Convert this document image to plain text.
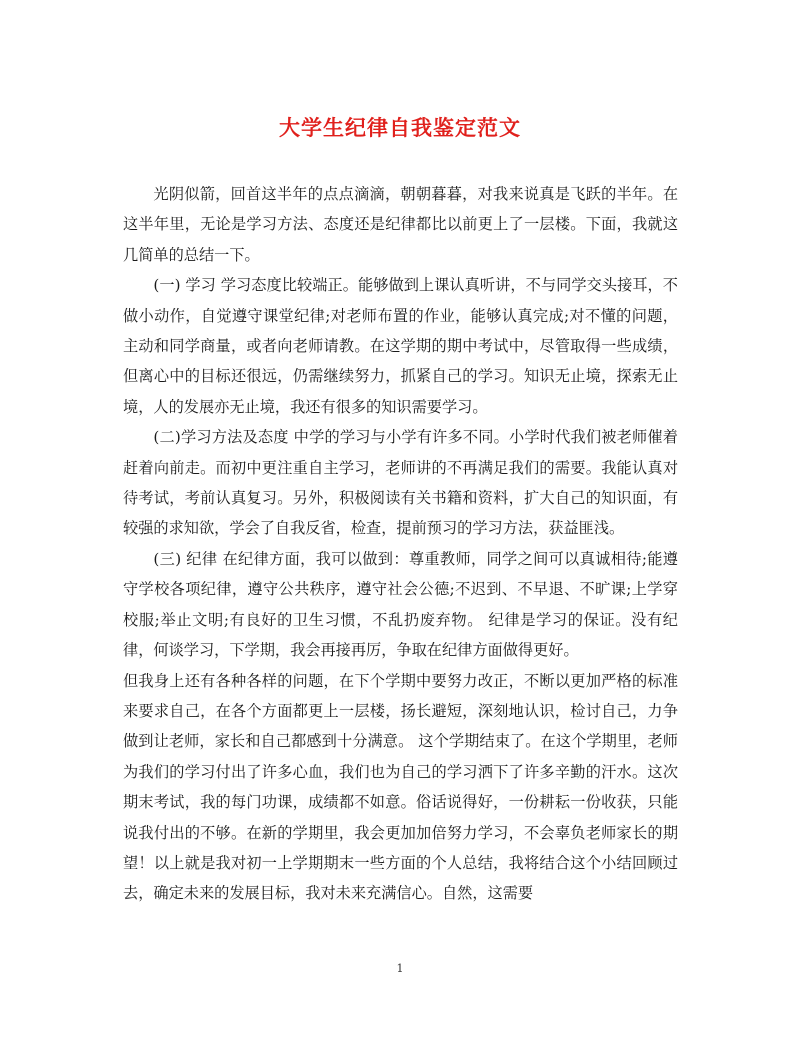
大学生纪律自我鉴定范文

光阴似箭，回首这半年的点点滴滴，朝朝暮暮，对我来说真是飞跃的半年。在这半年里，无论是学习方法、态度还是纪律都比以前更上了一层楼。下面，我就这几简单的总结一下。

(一) 学习 学习态度比较端正。能够做到上课认真听讲，不与同学交头接耳，不做小动作，自觉遵守课堂纪律;对老师布置的作业，能够认真完成;对不懂的问题，主动和同学商量，或者向老师请教。在这学期的期中考试中，尽管取得一些成绩，但离心中的目标还很远，仍需继续努力，抓紧自己的学习。知识无止境，探索无止境，人的发展亦无止境，我还有很多的知识需要学习。

(二)学习方法及态度 中学的学习与小学有许多不同。小学时代我们被老师催着赶着向前走。而初中更注重自主学习，老师讲的不再满足我们的需要。我能认真对待考试，考前认真复习。另外，积极阅读有关书籍和资料，扩大自己的知识面，有较强的求知欲，学会了自我反省，检查，提前预习的学习方法，获益匪浅。

(三) 纪律 在纪律方面，我可以做到：尊重教师，同学之间可以真诚相待;能遵守学校各项纪律，遵守公共秩序，遵守社会公德;不迟到、不早退、不旷课;上学穿校服;举止文明;有良好的卫生习惯，不乱扔废弃物。 纪律是学习的保证。没有纪律，何谈学习，下学期，我会再接再厉，争取在纪律方面做得更好。

但我身上还有各种各样的问题，在下个学期中要努力改正，不断以更加严格的标准来要求自己，在各个方面都更上一层楼，扬长避短，深刻地认识，检讨自己，力争做到让老师，家长和自己都感到十分满意。 这个学期结束了。在这个学期里，老师为我们的学习付出了许多心血，我们也为自己的学习洒下了许多辛勤的汗水。这次期末考试，我的每门功课，成绩都不如意。俗话说得好，一份耕耘一份收获，只能说我付出的不够。在新的学期里，我会更加加倍努力学习，不会辜负老师家长的期望！以上就是我对初一上学期期末一些方面的个人总结，我将结合这个小结回顾过去，确定未来的发展目标，我对未来充满信心。自然，这需要

1
